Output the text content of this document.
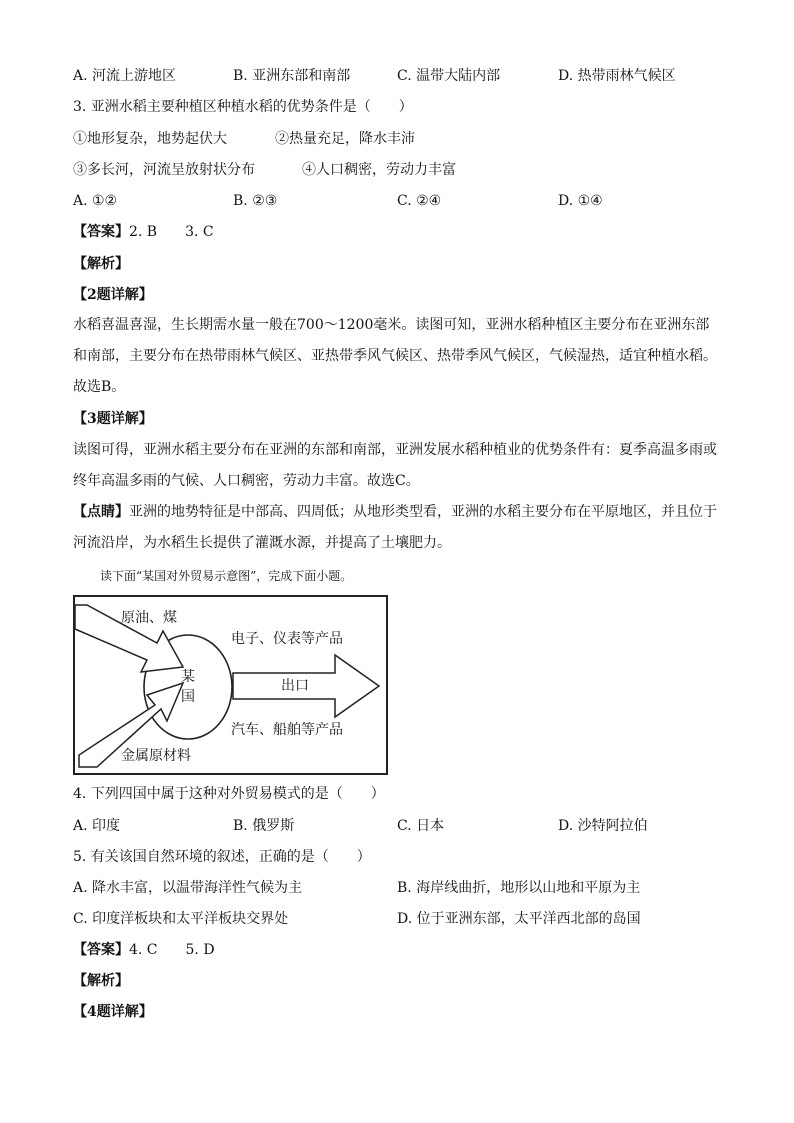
A. 河流上游地区	B. 亚洲东部和南部	C. 温带大陆内部	D. 热带雨林气候区
3. 亚洲水稻主要种植区种植水稻的优势条件是（　　）
①地形复杂，地势起伏大	②热量充足，降水丰沛
③多长河，河流呈放射状分布	④人口稠密，劳动力丰富
A. ①②	B. ②③	C. ②④	D. ①④
【答案】2. B　　3. C
【解析】
【2题详解】
水稻喜温喜湿，生长期需水量一般在700～1200毫米。读图可知，亚洲水稻种植区主要分布在亚洲东部和南部，主要分布在热带雨林气候区、亚热带季风气候区、热带季风气候区，气候湿热，适宜种植水稻。故选B。
【3题详解】
读图可得，亚洲水稻主要分布在亚洲的东部和南部，亚洲发展水稻种植业的优势条件有：夏季高温多雨或终年高温多雨的气候、人口稠密，劳动力丰富。故选C。
【点睛】亚洲的地势特征是中部高、四周低；从地形类型看，亚洲的水稻主要分布在平原地区，并且位于河流沿岸，为水稻生长提供了灌溉水源，并提高了土壤肥力。
读下面“某国对外贸易示意图”，完成下面小题。
原油、煤
金属原材料
某
国
出口
电子、仪表等产品
汽车、船舶等产品
4. 下列四国中属于这种对外贸易模式的是（　　）
A. 印度	B. 俄罗斯	C. 日本	D. 沙特阿拉伯
5. 有关该国自然环境的叙述，正确的是（　　）
A. 降水丰富，以温带海洋性气候为主	B. 海岸线曲折，地形以山地和平原为主
C. 印度洋板块和太平洋板块交界处	D. 位于亚洲东部，太平洋西北部的岛国
【答案】4. C　　5. D
【解析】
【4题详解】
